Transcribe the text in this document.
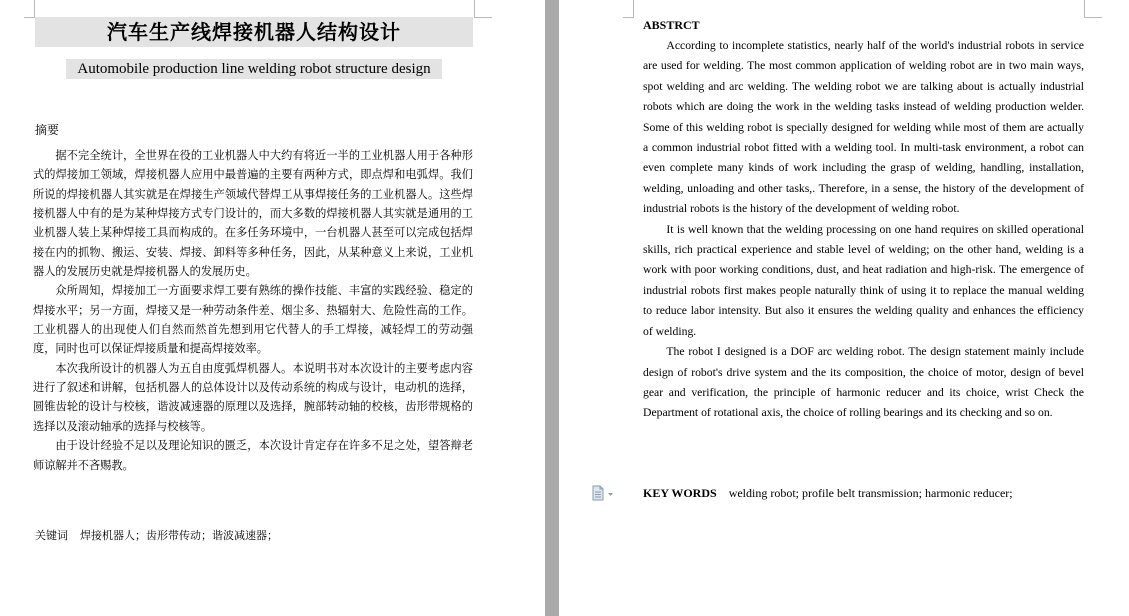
汽车生产线焊接机器人结构设计
Automobile production line welding robot structure design
摘要

据不完全统计，全世界在役的工业机器人中大约有将近一半的工业机器人用于各种形式的焊接加工领域，焊接机器人应用中最普遍的主要有两种方式，即点焊和电弧焊。我们所说的焊接机器人其实就是在焊接生产领域代替焊工从事焊接任务的工业机器人。这些焊接机器人中有的是为某种焊接方式专门设计的，而大多数的焊接机器人其实就是通用的工业机器人装上某种焊接工具而构成的。在多任务环境中，一台机器人甚至可以完成包括焊接在内的抓物、搬运、安装、焊接、卸料等多种任务，因此，从某种意义上来说，工业机器人的发展历史就是焊接机器人的发展历史。

众所周知，焊接加工一方面要求焊工要有熟练的操作技能、丰富的实践经验、稳定的焊接水平；另一方面，焊接又是一种劳动条件差、烟尘多、热辐射大、危险性高的工作。工业机器人的出现使人们自然而然首先想到用它代替人的手工焊接，减轻焊工的劳动强度，同时也可以保证焊接质量和提高焊接效率。

本次我所设计的机器人为五自由度弧焊机器人。本说明书对本次设计的主要考虑内容进行了叙述和讲解，包括机器人的总体设计以及传动系统的构成与设计，电动机的选择，圆锥齿轮的设计与校核，谐波减速器的原理以及选择，腕部转动轴的校核，齿形带规格的选择以及滚动轴承的选择与校核等。

由于设计经验不足以及理论知识的匮乏，本次设计肯定存在许多不足之处，望答辩老师谅解并不吝赐教。

关键词 焊接机器人；齿形带传动；谐波减速器；
ABSTRCT

According to incomplete statistics, nearly half of the world's industrial robots in service are used for welding. The most common application of welding robot are in two main ways, spot welding and arc welding. The welding robot we are talking about is actually industrial robots which are doing the work in the welding tasks instead of welding production welder. Some of this welding robot is specially designed for welding while most of them are actually a common industrial robot fitted with a welding tool. In multi-task environment, a robot can even complete many kinds of work including the grasp of welding, handling, installation, welding, unloading and other tasks,. Therefore, in a sense, the history of the development of industrial robots is the history of the development of welding robot.

It is well known that the welding processing on one hand requires on skilled operational skills, rich practical experience and stable level of welding; on the other hand, welding is a work with poor working conditions, dust, and heat radiation and high-risk. The emergence of industrial robots first makes people naturally think of using it to replace the manual welding to reduce labor intensity. But also it ensures the welding quality and enhances the efficiency of welding.

The robot I designed is a DOF arc welding robot. The design statement mainly include design of robot's drive system and the its composition, the choice of motor, design of bevel gear and verification, the principle of harmonic reducer and its choice, wrist Check the Department of rotational axis, the choice of rolling bearings and its checking and so on.

KEY WORDS welding robot; profile belt transmission; harmonic reducer;
